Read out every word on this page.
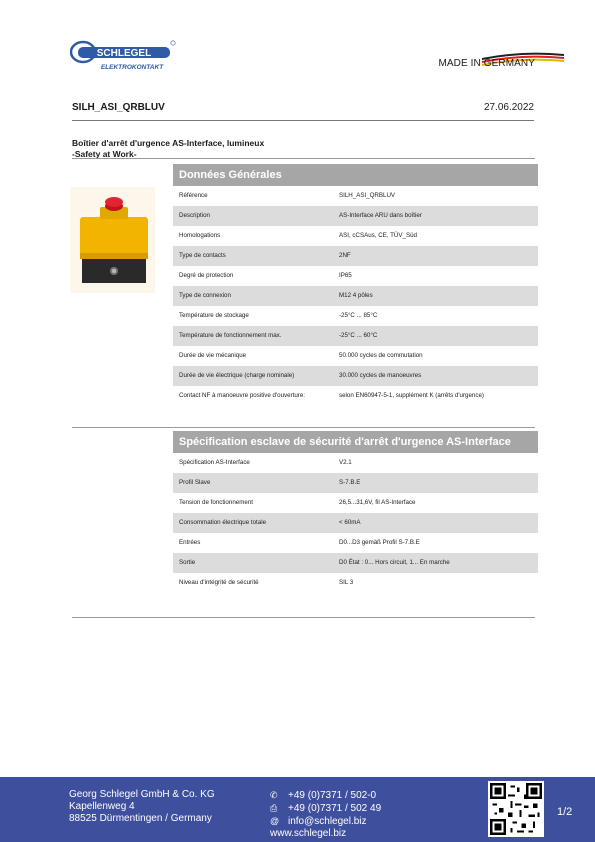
SCHLEGEL
ELEKTROKONTAKT	MADE IN GERMANY
SILH_ASI_QRBLUV	27.06.2022
Boîtier d'arrêt d'urgence AS-Interface, lumineux
-Safety at Work-
Données Générales
Référence	SILH_ASI_QRBLUV
Description	AS-Interface ARU dans boîtier
Homologations	ASI, cCSAus, CE, TÜV_Süd
Type de contacts	2NF
Degré de protection	IP65
Type de connexion	M12 4 pôles
Température de stockage	-25°C ... 85°C
Température de fonctionnement max.	-25°C ... 60°C
Durée de vie mécanique	50.000 cycles de commutation
Durée de vie électrique (charge nominale)	30.000 cycles de manoeuvres
Contact NF à manoeuvre positive d'ouverture:	selon EN60947-5-1, supplément K (arrêts d'urgence)
Spécification esclave de sécurité d'arrêt d'urgence AS-Interface
Spécification AS-Interface	V2.1
Profil Slave	S-7.B.E
Tension de fonctionnement	26,5...31,6V, fil AS-Interface
Consommation électrique totale	< 60mA
Entrées	D0...D3 gemäß Profil S-7.B.E
Sortie	D0 État : 0... Hors circuit, 1... En marche
Niveau d'intégrité de sécurité	SIL 3
Georg Schlegel GmbH & Co. KG
Kapellenweg 4
88525 Dürmentingen / Germany
✆ +49 (0)7371 / 502-0
⎙ +49 (0)7371 / 502 49
@ info@schlegel.biz
www.schlegel.biz
1/2
